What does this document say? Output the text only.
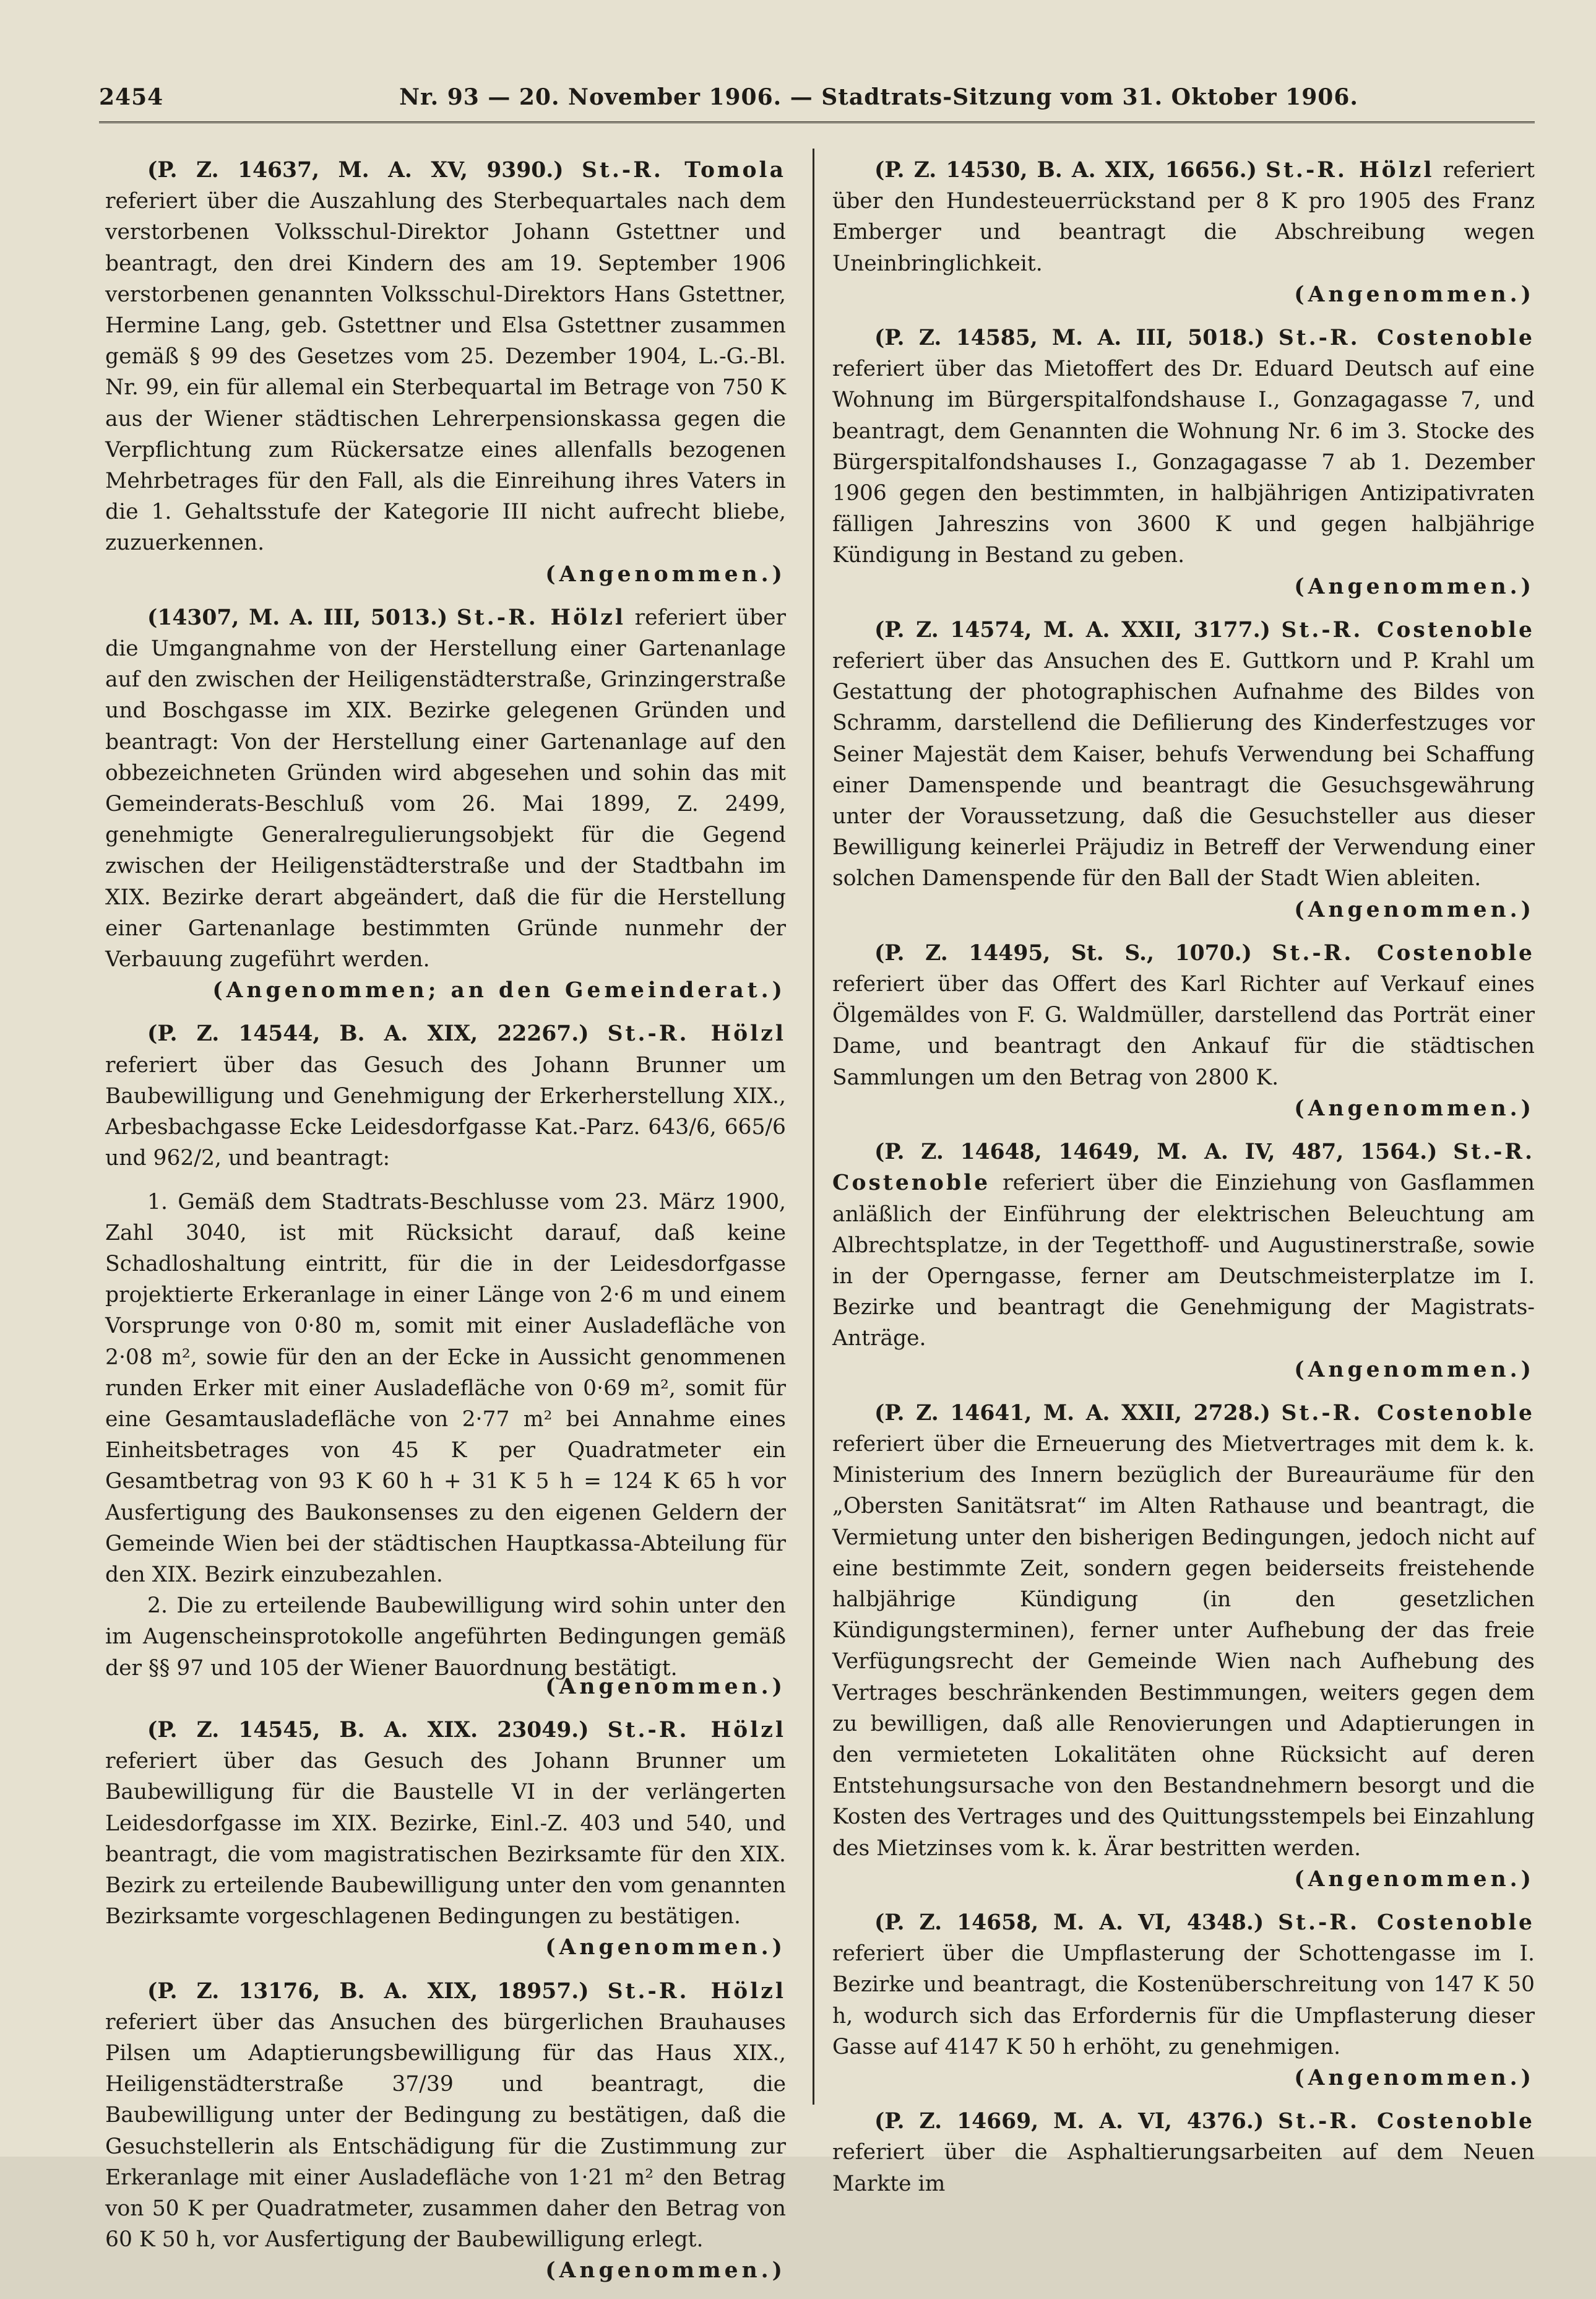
2454	Nr. 93 — 20. November 1906. — Stadtrats-Sitzung vom 31. Oktober 1906.

(P. Z. 14637, M. A. XV, 9390.) St.-R. Tomola referiert über die Auszahlung des Sterbequartales nach dem verstorbenen Volksschul-Direktor Johann Gstettner und beantragt, den drei Kindern des am 19. September 1906 verstorbenen genannten Volksschul-Direktors Hans Gstettner, Hermine Lang, geb. Gstettner und Elsa Gstettner zusammen gemäß § 99 des Gesetzes vom 25. Dezember 1904, L.-G.-Bl. Nr. 99, ein für allemal ein Sterbequartal im Betrage von 750 K aus der Wiener städtischen Lehrerpensionskassa gegen die Verpflichtung zum Rückersatze eines allenfalls bezogenen Mehrbetrages für den Fall, als die Einreihung ihres Vaters in die 1. Gehaltsstufe der Kategorie III nicht aufrecht bliebe, zuzuerkennen.

(Angenommen.)

(14307, M. A. III, 5013.) St.-R. Hölzl referiert über die Umgangnahme von der Herstellung einer Gartenanlage auf den zwischen der Heiligenstädterstraße, Grinzingerstraße und Boschgasse im XIX. Bezirke gelegenen Gründen und beantragt: Von der Herstellung einer Gartenanlage auf den obbezeichneten Gründen wird abgesehen und sohin das mit Gemeinderats-Beschluß vom 26. Mai 1899, Z. 2499, genehmigte Generalregulierungsobjekt für die Gegend zwischen der Heiligenstädterstraße und der Stadtbahn im XIX. Bezirke derart abgeändert, daß die für die Herstellung einer Gartenanlage bestimmten Gründe nunmehr der Verbauung zugeführt werden.

(Angenommen; an den Gemeinderat.)

(P. Z. 14544, B. A. XIX, 22267.) St.-R. Hölzl referiert über das Gesuch des Johann Brunner um Baubewilligung und Genehmigung der Erkerherstellung XIX., Arbesbachgasse Ecke Leidesdorfgasse Kat.-Parz. 643/6, 665/6 und 962/2, und beantragt:

1. Gemäß dem Stadtrats-Beschlusse vom 23. März 1900, Zahl 3040, ist mit Rücksicht darauf, daß keine Schadloshaltung eintritt, für die in der Leidesdorfgasse projektierte Erkeranlage in einer Länge von 2·6 m und einem Vorsprunge von 0·80 m, somit mit einer Ausladefläche von 2·08 m², sowie für den an der Ecke in Aussicht genommenen runden Erker mit einer Ausladefläche von 0·69 m², somit für eine Gesamtausladefläche von 2·77 m² bei Annahme eines Einheitsbetrages von 45 K per Quadratmeter ein Gesamtbetrag von 93 K 60 h + 31 K 5 h = 124 K 65 h vor Ausfertigung des Baukonsenses zu den eigenen Geldern der Gemeinde Wien bei der städtischen Hauptkassa-Abteilung für den XIX. Bezirk einzubezahlen.

2. Die zu erteilende Baubewilligung wird sohin unter den im Augenscheinsprotokolle angeführten Bedingungen gemäß der §§ 97 und 105 der Wiener Bauordnung bestätigt.

(Angenommen.)

(P. Z. 14545, B. A. XIX. 23049.) St.-R. Hölzl referiert über das Gesuch des Johann Brunner um Baubewilligung für die Baustelle VI in der verlängerten Leidesdorfgasse im XIX. Bezirke, Einl.-Z. 403 und 540, und beantragt, die vom magistratischen Bezirksamte für den XIX. Bezirk zu erteilende Baubewilligung unter den vom genannten Bezirksamte vorgeschlagenen Bedingungen zu bestätigen.

(Angenommen.)

(P. Z. 13176, B. A. XIX, 18957.) St.-R. Hölzl referiert über das Ansuchen des bürgerlichen Brauhauses Pilsen um Adaptierungsbewilligung für das Haus XIX., Heiligenstädterstraße 37/39 und beantragt, die Baubewilligung unter der Bedingung zu bestätigen, daß die Gesuchstellerin als Entschädigung für die Zustimmung zur Erkeranlage mit einer Ausladefläche von 1·21 m² den Betrag von 50 K per Quadratmeter, zusammen daher den Betrag von 60 K 50 h, vor Ausfertigung der Baubewilligung erlegt.

(Angenommen.)

(P. Z. 14530, B. A. XIX, 16656.) St.-R. Hölzl referiert über den Hundesteuerrückstand per 8 K pro 1905 des Franz Emberger und beantragt die Abschreibung wegen Uneinbringlichkeit.

(Angenommen.)

(P. Z. 14585, M. A. III, 5018.) St.-R. Costenoble referiert über das Mietoffert des Dr. Eduard Deutsch auf eine Wohnung im Bürgerspitalfondshause I., Gonzagagasse 7, und beantragt, dem Genannten die Wohnung Nr. 6 im 3. Stocke des Bürgerspitalfondshauses I., Gonzagagasse 7 ab 1. Dezember 1906 gegen den bestimmten, in halbjährigen Antizipativraten fälligen Jahreszins von 3600 K und gegen halbjährige Kündigung in Bestand zu geben.

(Angenommen.)

(P. Z. 14574, M. A. XXII, 3177.) St.-R. Costenoble referiert über das Ansuchen des E. Guttkorn und P. Krahl um Gestattung der photographischen Aufnahme des Bildes von Schramm, darstellend die Defilierung des Kinderfestzuges vor Seiner Majestät dem Kaiser, behufs Verwendung bei Schaffung einer Damenspende und beantragt die Gesuchsgewährung unter der Voraussetzung, daß die Gesuchsteller aus dieser Bewilligung keinerlei Präjudiz in Betreff der Verwendung einer solchen Damenspende für den Ball der Stadt Wien ableiten.

(Angenommen.)

(P. Z. 14495, St. S., 1070.) St.-R. Costenoble referiert über das Offert des Karl Richter auf Verkauf eines Ölgemäldes von F. G. Waldmüller, darstellend das Porträt einer Dame, und beantragt den Ankauf für die städtischen Sammlungen um den Betrag von 2800 K.

(Angenommen.)

(P. Z. 14648, 14649, M. A. IV, 487, 1564.) St.-R. Costenoble referiert über die Einziehung von Gasflammen anläßlich der Einführung der elektrischen Beleuchtung am Albrechtsplatze, in der Tegetthoff- und Augustinerstraße, sowie in der Operngasse, ferner am Deutschmeisterplatze im I. Bezirke und beantragt die Genehmigung der Magistrats-Anträge.

(Angenommen.)

(P. Z. 14641, M. A. XXII, 2728.) St.-R. Costenoble referiert über die Erneuerung des Mietvertrages mit dem k. k. Ministerium des Innern bezüglich der Bureauräume für den „Obersten Sanitätsrat“ im Alten Rathause und beantragt, die Vermietung unter den bisherigen Bedingungen, jedoch nicht auf eine bestimmte Zeit, sondern gegen beiderseits freistehende halbjährige Kündigung (in den gesetzlichen Kündigungsterminen), ferner unter Aufhebung der das freie Verfügungsrecht der Gemeinde Wien nach Aufhebung des Vertrages beschränkenden Bestimmungen, weiters gegen dem zu bewilligen, daß alle Renovierungen und Adaptierungen in den vermieteten Lokalitäten ohne Rücksicht auf deren Entstehungsursache von den Bestandnehmern besorgt und die Kosten des Vertrages und des Quittungsstempels bei Einzahlung des Mietzinses vom k. k. Ärar bestritten werden.

(Angenommen.)

(P. Z. 14658, M. A. VI, 4348.) St.-R. Costenoble referiert über die Umpflasterung der Schottengasse im I. Bezirke und beantragt, die Kostenüberschreitung von 147 K 50 h, wodurch sich das Erfordernis für die Umpflasterung dieser Gasse auf 4147 K 50 h erhöht, zu genehmigen.

(Angenommen.)

(P. Z. 14669, M. A. VI, 4376.) St.-R. Costenoble referiert über die Asphaltierungsarbeiten auf dem Neuen Markte im
